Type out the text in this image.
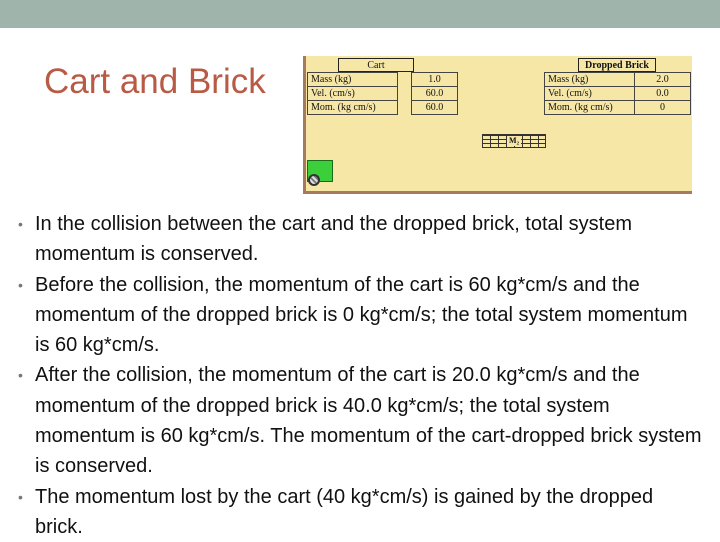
Cart and Brick	Cart	Dropped Brick
Mass (kg)		1.0
Vel. (cm/s)		60.0
Mom. (kg cm/s)		60.0
Mass (kg)	2.0
Vel. (cm/s)	0.0
Mom. (kg cm/s)	0
M₂
• In the collision between the cart and the dropped brick, total system momentum is conserved.
• Before the collision, the momentum of the cart is 60 kg*cm/s and the momentum of the dropped brick is 0 kg*cm/s; the total system momentum is 60 kg*cm/s.
• After the collision, the momentum of the cart is 20.0 kg*cm/s and the momentum of the dropped brick is 40.0 kg*cm/s; the total system momentum is 60 kg*cm/s. The momentum of the cart-dropped brick system is conserved.
• The momentum lost by the cart (40 kg*cm/s) is gained by the dropped brick.
